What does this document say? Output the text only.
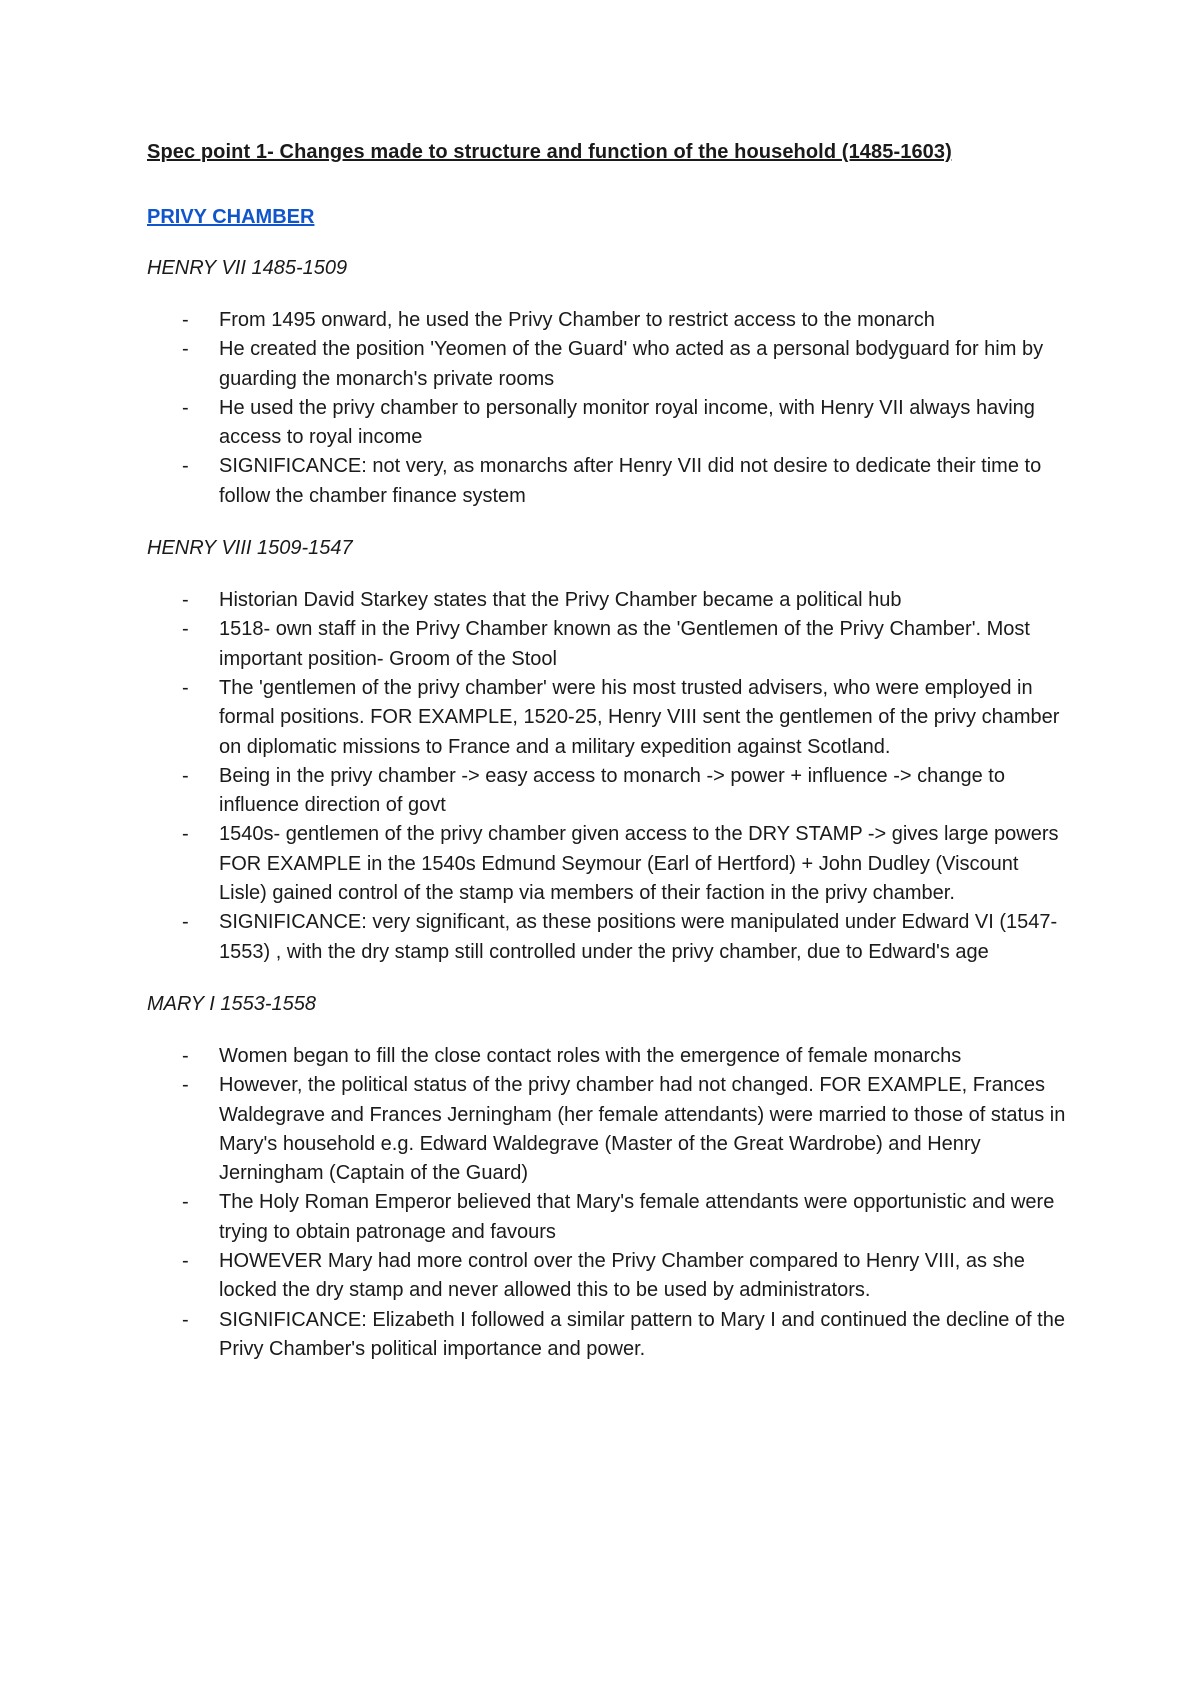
Spec point 1- Changes made to structure and function of the household (1485-1603)
PRIVY CHAMBER
HENRY VII 1485-1509
- From 1495 onward, he used the Privy Chamber to restrict access to the monarch
- He created the position 'Yeomen of the Guard' who acted as a personal bodyguard for him by guarding the monarch's private rooms
- He used the privy chamber to personally monitor royal income, with Henry VII always having access to royal income
- SIGNIFICANCE: not very, as monarchs after Henry VII did not desire to dedicate their time to follow the chamber finance system
HENRY VIII 1509-1547
- Historian David Starkey states that the Privy Chamber became a political hub
- 1518- own staff in the Privy Chamber known as the 'Gentlemen of the Privy Chamber'. Most important position- Groom of the Stool
- The 'gentlemen of the privy chamber' were his most trusted advisers, who were employed in formal positions. FOR EXAMPLE, 1520-25, Henry VIII sent the gentlemen of the privy chamber on diplomatic missions to France and a military expedition against Scotland.
- Being in the privy chamber -> easy access to monarch -> power + influence -> change to influence direction of govt
- 1540s- gentlemen of the privy chamber given access to the DRY STAMP -> gives large powers FOR EXAMPLE in the 1540s Edmund Seymour (Earl of Hertford) + John Dudley (Viscount Lisle) gained control of the stamp via members of their faction in the privy chamber.
- SIGNIFICANCE: very significant, as these positions were manipulated under Edward VI (1547-1553) , with the dry stamp still controlled under the privy chamber, due to Edward's age
MARY I 1553-1558
- Women began to fill the close contact roles with the emergence of female monarchs
- However, the political status of the privy chamber had not changed. FOR EXAMPLE, Frances Waldegrave and Frances Jerningham (her female attendants) were married to those of status in Mary's household e.g. Edward Waldegrave (Master of the Great Wardrobe) and Henry Jerningham (Captain of the Guard)
- The Holy Roman Emperor believed that Mary's female attendants were opportunistic and were trying to obtain patronage and favours
- HOWEVER Mary had more control over the Privy Chamber compared to Henry VIII, as she locked the dry stamp and never allowed this to be used by administrators.
- SIGNIFICANCE: Elizabeth I followed a similar pattern to Mary I and continued the decline of the Privy Chamber's political importance and power.
